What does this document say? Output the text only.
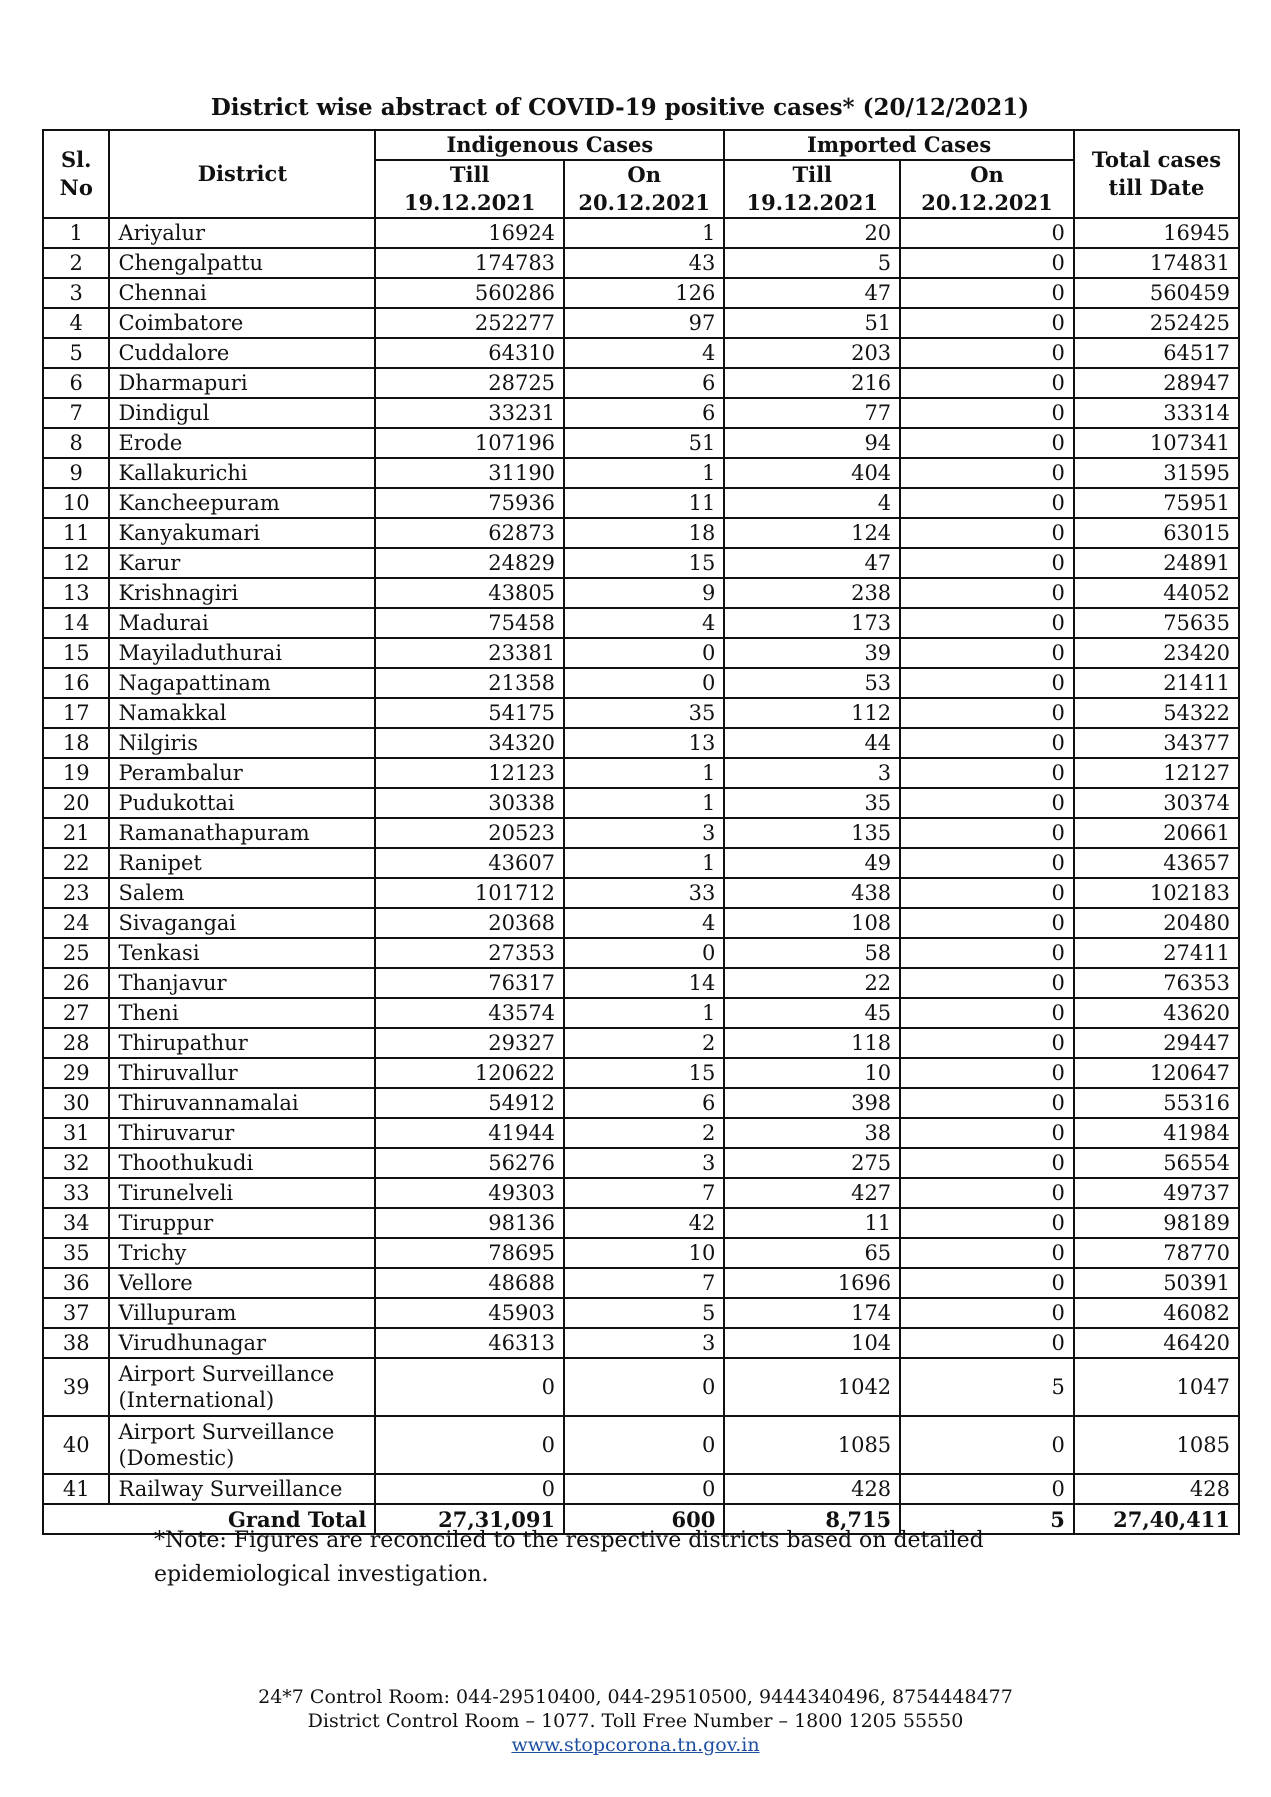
District wise abstract of COVID-19 positive cases* (20/12/2021)
Sl. No	District	Indigenous Cases		Imported Cases		Total cases till Date
		Till 19.12.2021	On 20.12.2021	Till 19.12.2021	On 20.12.2021	
1	Ariyalur	16924	1	20	0	16945
2	Chengalpattu	174783	43	5	0	174831
3	Chennai	560286	126	47	0	560459
4	Coimbatore	252277	97	51	0	252425
5	Cuddalore	64310	4	203	0	64517
6	Dharmapuri	28725	6	216	0	28947
7	Dindigul	33231	6	77	0	33314
8	Erode	107196	51	94	0	107341
9	Kallakurichi	31190	1	404	0	31595
10	Kancheepuram	75936	11	4	0	75951
11	Kanyakumari	62873	18	124	0	63015
12	Karur	24829	15	47	0	24891
13	Krishnagiri	43805	9	238	0	44052
14	Madurai	75458	4	173	0	75635
15	Mayiladuthurai	23381	0	39	0	23420
16	Nagapattinam	21358	0	53	0	21411
17	Namakkal	54175	35	112	0	54322
18	Nilgiris	34320	13	44	0	34377
19	Perambalur	12123	1	3	0	12127
20	Pudukottai	30338	1	35	0	30374
21	Ramanathapuram	20523	3	135	0	20661
22	Ranipet	43607	1	49	0	43657
23	Salem	101712	33	438	0	102183
24	Sivagangai	20368	4	108	0	20480
25	Tenkasi	27353	0	58	0	27411
26	Thanjavur	76317	14	22	0	76353
27	Theni	43574	1	45	0	43620
28	Thirupathur	29327	2	118	0	29447
29	Thiruvallur	120622	15	10	0	120647
30	Thiruvannamalai	54912	6	398	0	55316
31	Thiruvarur	41944	2	38	0	41984
32	Thoothukudi	56276	3	275	0	56554
33	Tirunelveli	49303	7	427	0	49737
34	Tiruppur	98136	42	11	0	98189
35	Trichy	78695	10	65	0	78770
36	Vellore	48688	7	1696	0	50391
37	Villupuram	45903	5	174	0	46082
38	Virudhunagar	46313	3	104	0	46420
39	Airport Surveillance (International)	0	0	1042	5	1047
40	Airport Surveillance (Domestic)	0	0	1085	0	1085
41	Railway Surveillance	0	0	428	0	428
Grand Total		27,31,091	600	8,715	5	27,40,411
*Note: Figures are reconciled to the respective districts based on detailed epidemiological investigation.
24*7 Control Room: 044-29510400, 044-29510500, 9444340496, 8754448477
District Control Room – 1077. Toll Free Number – 1800 1205 55550
www.stopcorona.tn.gov.in
